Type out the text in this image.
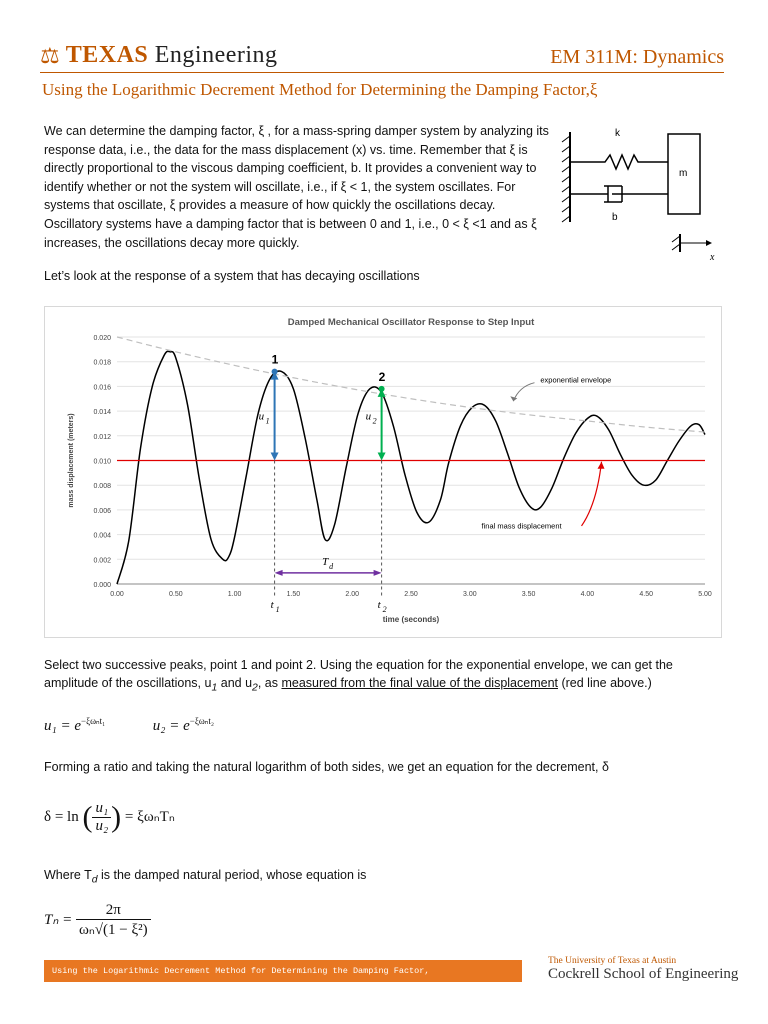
⚖ TEXAS Engineering	EM 311M: Dynamics
Using the Logarithmic Decrement Method for Determining the Damping Factor,ξ
We can determine the damping factor, ξ , for a mass-spring damper system by analyzing its response data, i.e., the data for the mass displacement (x) vs. time. Remember that ξ is directly proportional to the viscous damping coefficient, b. It provides a convenient way to identify whether or not the system will oscillate, i.e., if ξ < 1, the system oscillates. For systems that oscillate, ξ provides a measure of how quickly the oscillations decay. Oscillatory systems have a damping factor that is between 0 and 1, i.e., 0 < ξ <1 and as ξ increases, the oscillations decay more quickly.
Let’s look at the response of a system that has decaying oscillations
k
m
b
x
Damped Mechanical Oscillator Response to Step Input
0.000
0.002
0.004
0.006
0.008
0.010
0.012
0.014
0.016
0.018
0.020
0.00	0.50	1.00	1.50	2.00	2.50	3.00	3.50	4.00	4.50	5.00
time (seconds)
mass displacement (meters)
1
2
u 1	u 2
T d
t 1	t 2
exponential envelope
final mass displacement
Select two successive peaks, point 1 and point 2. Using the equation for the exponential envelope, we can get the amplitude of the oscillations, $u_1$ and $u_2$, as measured from the final value of the displacement (red line above.)
$u_1 = e^{-\xi\omega_nt_1}$	$u_2 = e^{-\xi\omega_nt_2}$
Forming a ratio and taking the natural logarithm of both sides, we get an equation for the decrement, δ
δ = ln ( $\frac{\text{u₁}}{\text{u₂}}$ ) = ξωₙTₙ
Where $T_d$ is the damped natural period, whose equation is
$T_n = \frac{2\pi}{\text{ωₙ√(1 − ξ²)}}$
Using the Logarithmic Decrement Method for Determining the Damping Factor,
The University of Texas at Austin
Cockrell School of Engineering
